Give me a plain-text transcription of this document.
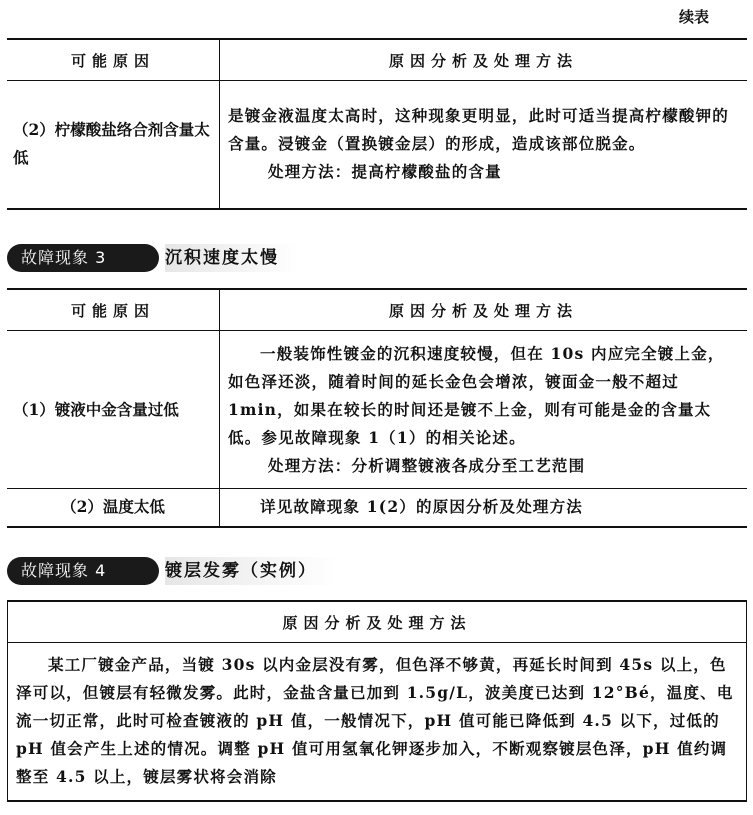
续表
可能原因	原因分析及处理方法
（2）柠檬酸盐络合剂含量太低	是镀金液温度太高时，这种现象更明显，此时可适当提高柠檬酸钾的含量。浸镀金（置换镀金层）的形成，造成该部位脱金。
处理方法：提高柠檬酸盐的含量
故障现象 3	沉积速度太慢
可能原因	原因分析及处理方法
（1）镀液中金含量过低	一般装饰性镀金的沉积速度较慢，但在 10s 内应完全镀上金，如色泽还淡，随着时间的延长金色会增浓，镀面金一般不超过 1min，如果在较长的时间还是镀不上金，则有可能是金的含量太低。参见故障现象 1（1）的相关论述。
处理方法：分析调整镀液各成分至工艺范围

（2）温度太低	详见故障现象 1(2）的原因分析及处理方法
故障现象 4	镀层发雾（实例）
原因分析及处理方法
某工厂镀金产品，当镀 30s 以内金层没有雾，但色泽不够黄，再延长时间到 45s 以上，色泽可以，但镀层有轻微发雾。此时，金盐含量已加到 1.5g/L，波美度已达到 12°Bé，温度、电流一切正常，此时可检查镀液的 pH 值，一般情况下，pH 值可能已降低到 4.5 以下，过低的 pH 值会产生上述的情况。调整 pH 值可用氢氧化钾逐步加入，不断观察镀层色泽，pH 值约调整至 4.5 以上，镀层雾状将会消除
